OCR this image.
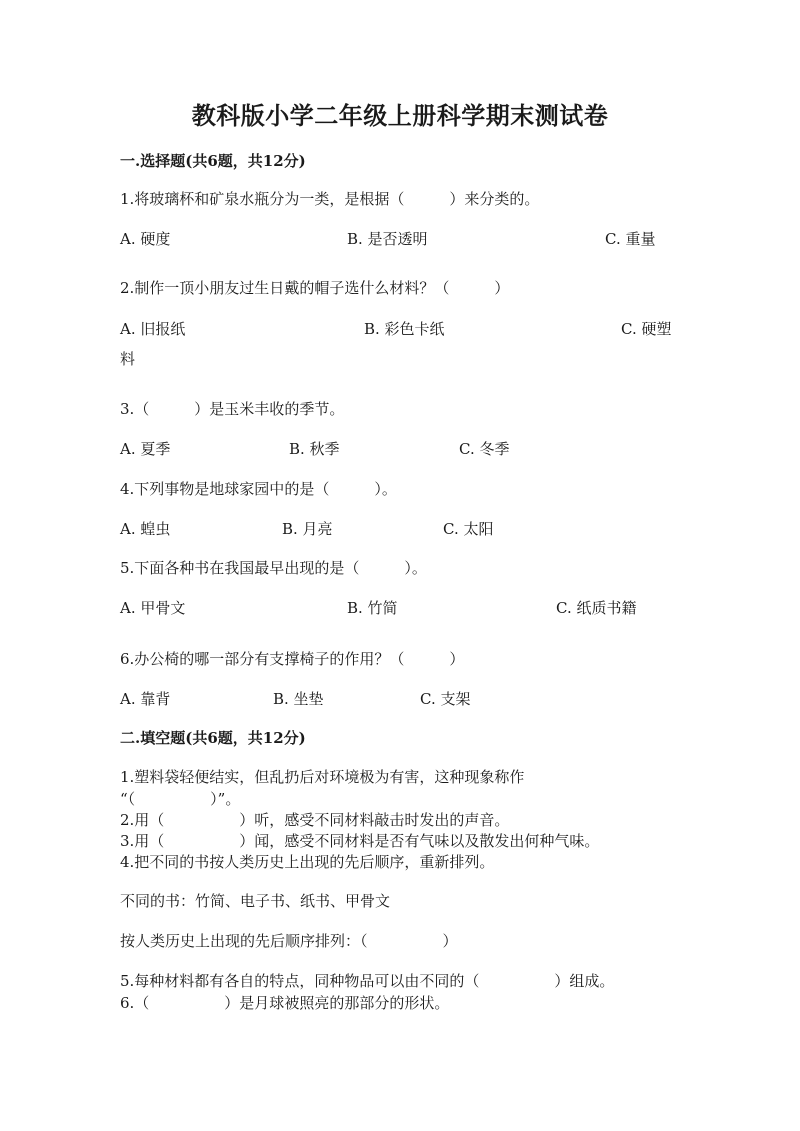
教科版小学二年级上册科学期末测试卷
一.选择题(共6题，共12分)
1.将玻璃杯和矿泉水瓶分为一类，是根据（　　　）来分类的。
A. 硬度	B. 是否透明	C. 重量
2.制作一顶小朋友过生日戴的帽子选什么材料？（　　　）
A. 旧报纸	B. 彩色卡纸	C. 硬塑
料
3.（　　　）是玉米丰收的季节。
A. 夏季	B. 秋季	C. 冬季
4.下列事物是地球家园中的是（　　　）。
A. 蝗虫	B. 月亮	C. 太阳
5.下面各种书在我国最早出现的是（　　　）。
A. 甲骨文	B. 竹简	C. 纸质书籍
6.办公椅的哪一部分有支撑椅子的作用？（　　　）
A. 靠背	B. 坐垫	C. 支架
二.填空题(共6题，共12分)
1.塑料袋轻便结实，但乱扔后对环境极为有害，这种现象称作
“（　　　　　）”。
2.用（　　　　　）听，感受不同材料敲击时发出的声音。
3.用（　　　　　）闻，感受不同材料是否有气味以及散发出何种气味。
4.把不同的书按人类历史上出现的先后顺序，重新排列。
不同的书：竹简、电子书、纸书、甲骨文
按人类历史上出现的先后顺序排列：（　　　　　）
5.每种材料都有各自的特点，同种物品可以由不同的（　　　　　）组成。
6.（　　　　　）是月球被照亮的那部分的形状。
